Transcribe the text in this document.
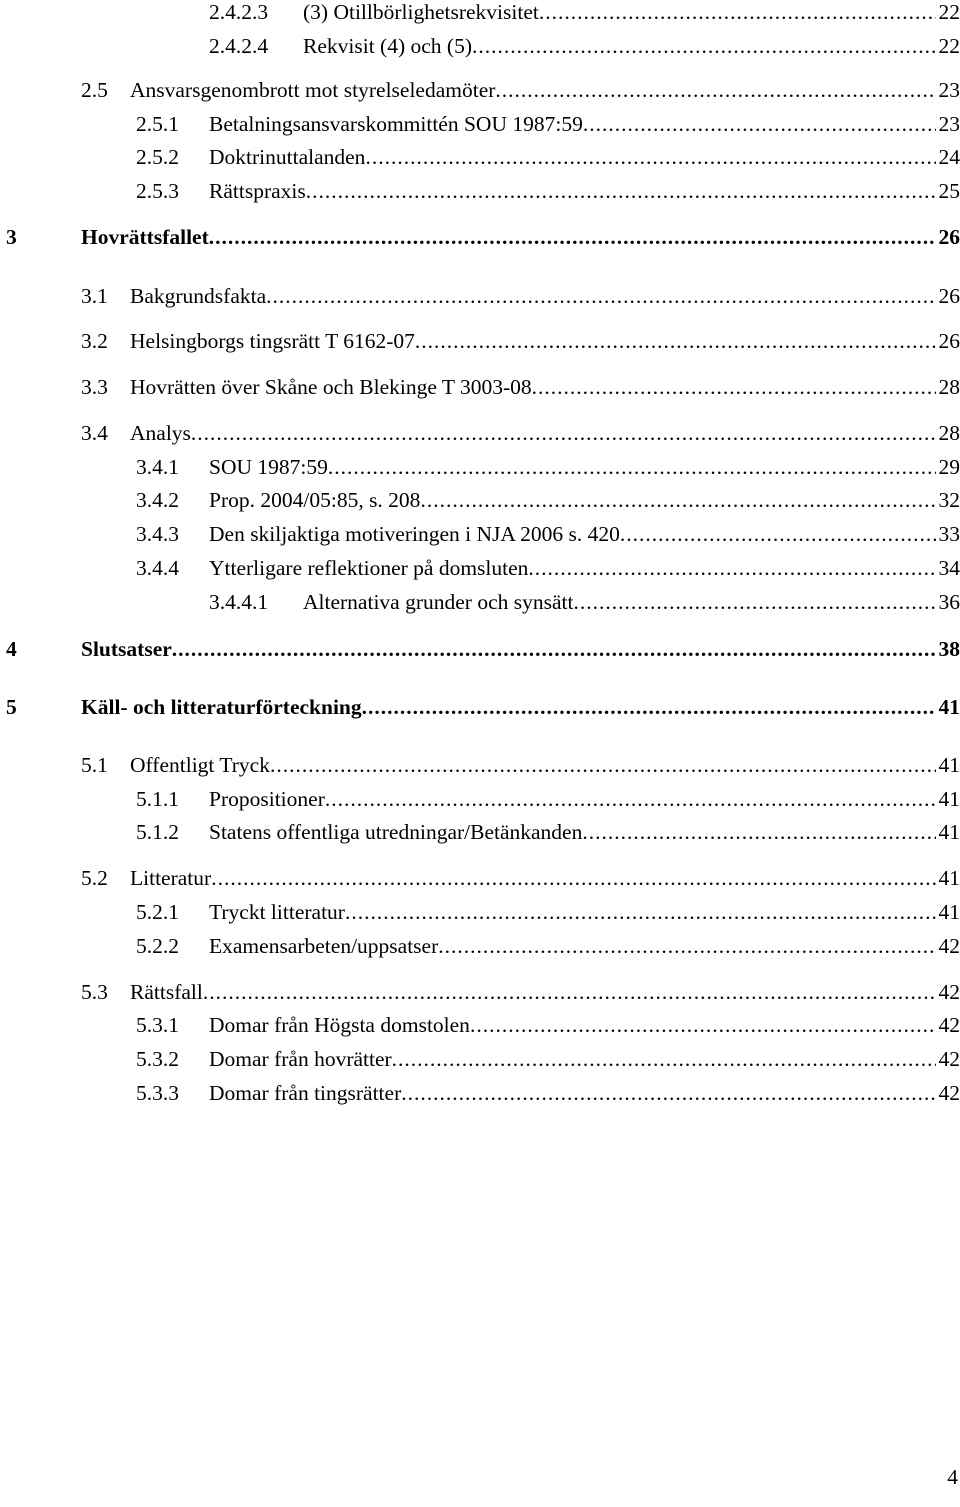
2.4.2.3 (3) Otillbörlighetsrekvisitet .....	22
2.4.2.4 Rekvisit (4) och (5) .....	22
2.5 Ansvarsgenombrott mot styrelseledamöter .....	23
2.5.1 Betalningsansvarskommittén SOU 1987:59 .....	23
2.5.2 Doktrinuttalanden .....	24
2.5.3 Rättspraxis .....	25
3	Hovrättsfallet .....	26
3.1 Bakgrundsfakta .....	26
3.2 Helsingborgs tingsrätt T 6162-07 .....	26
3.3 Hovrätten över Skåne och Blekinge T 3003-08 .....	28
3.4 Analys .....	28
3.4.1 SOU 1987:59 .....	29
3.4.2 Prop. 2004/05:85, s. 208 .....	32
3.4.3 Den skiljaktiga motiveringen i NJA 2006 s. 420 .....	33
3.4.4 Ytterligare reflektioner på domsluten .....	34
3.4.4.1 Alternativa grunder och synsätt .....	36
4	Slutsatser .....	38
5	Käll- och litteraturförteckning .....	41
5.1 Offentligt Tryck .....	41
5.1.1 Propositioner .....	41
5.1.2 Statens offentliga utredningar/Betänkanden .....	41
5.2 Litteratur .....	41
5.2.1 Tryckt litteratur .....	41
5.2.2 Examensarbeten/uppsatser .....	42
5.3 Rättsfall .....	42
5.3.1 Domar från Högsta domstolen .....	42
5.3.2 Domar från hovrätter .....	42
5.3.3 Domar från tingsrätter .....	42
4
